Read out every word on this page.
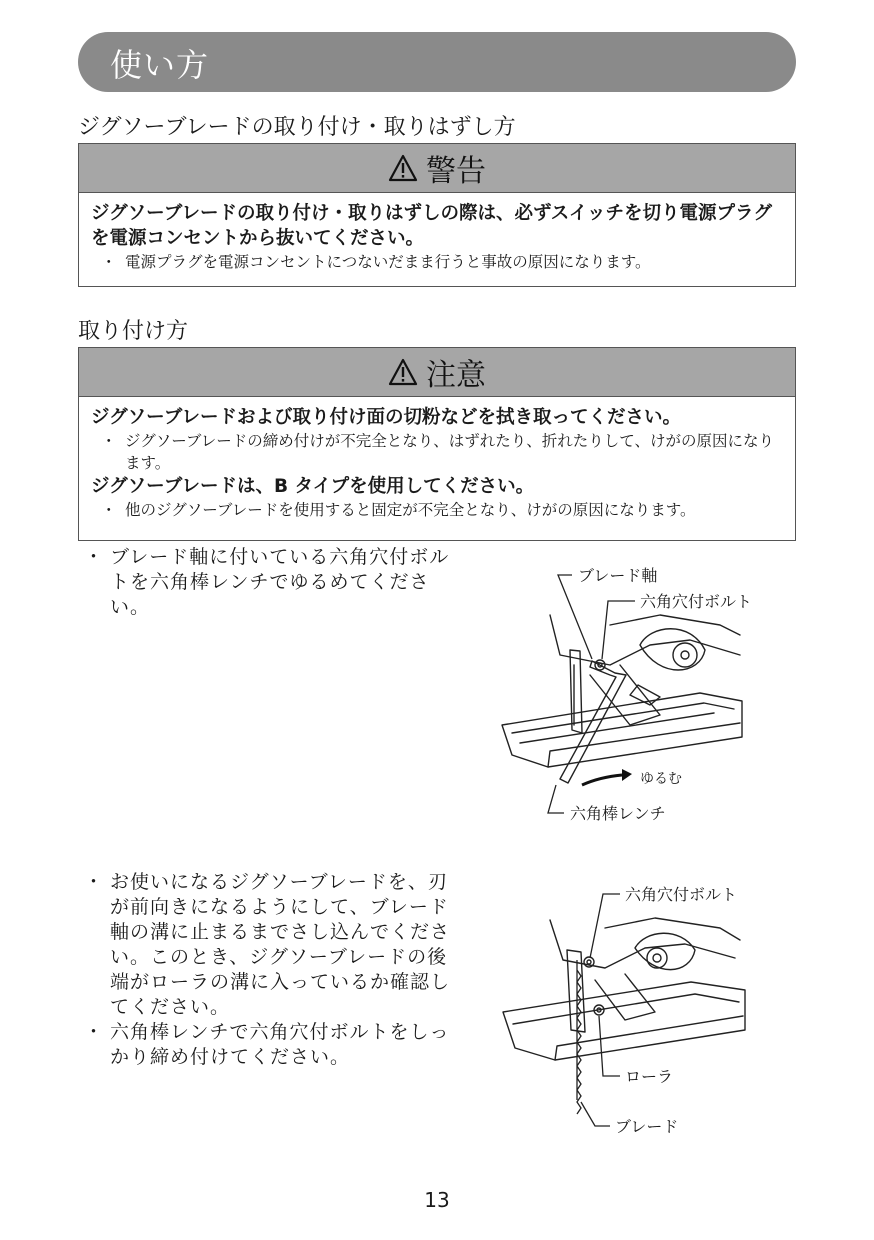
使い方
ジグソーブレードの取り付け・取りはずし方
警告
ジグソーブレードの取り付け・取りはずしの際は、必ずスイッチを切り電源プラグを電源コンセントから抜いてください。
・ 電源プラグを電源コンセントにつないだまま行うと事故の原因になります。
取り付け方
注意
ジグソーブレードおよび取り付け面の切粉などを拭き取ってください。
・ ジグソーブレードの締め付けが不完全となり、はずれたり、折れたりして、けがの原因になります。
ジグソーブレードは、B タイプを使用してください。
・ 他のジグソーブレードを使用すると固定が不完全となり、けがの原因になります。
・ ブレード軸に付いている六角穴付ボルトを六角棒レンチでゆるめてください。
ブレード軸
六角穴付ボルト
ゆるむ
六角棒レンチ
・ お使いになるジグソーブレードを、刃が前向きになるようにして、ブレード軸の溝に止まるまでさし込んでください。このとき、ジグソーブレードの後端がローラの溝に入っているか確認してください。
・ 六角棒レンチで六角穴付ボルトをしっかり締め付けてください。
六角穴付ボルト
ローラ
ブレード
13
